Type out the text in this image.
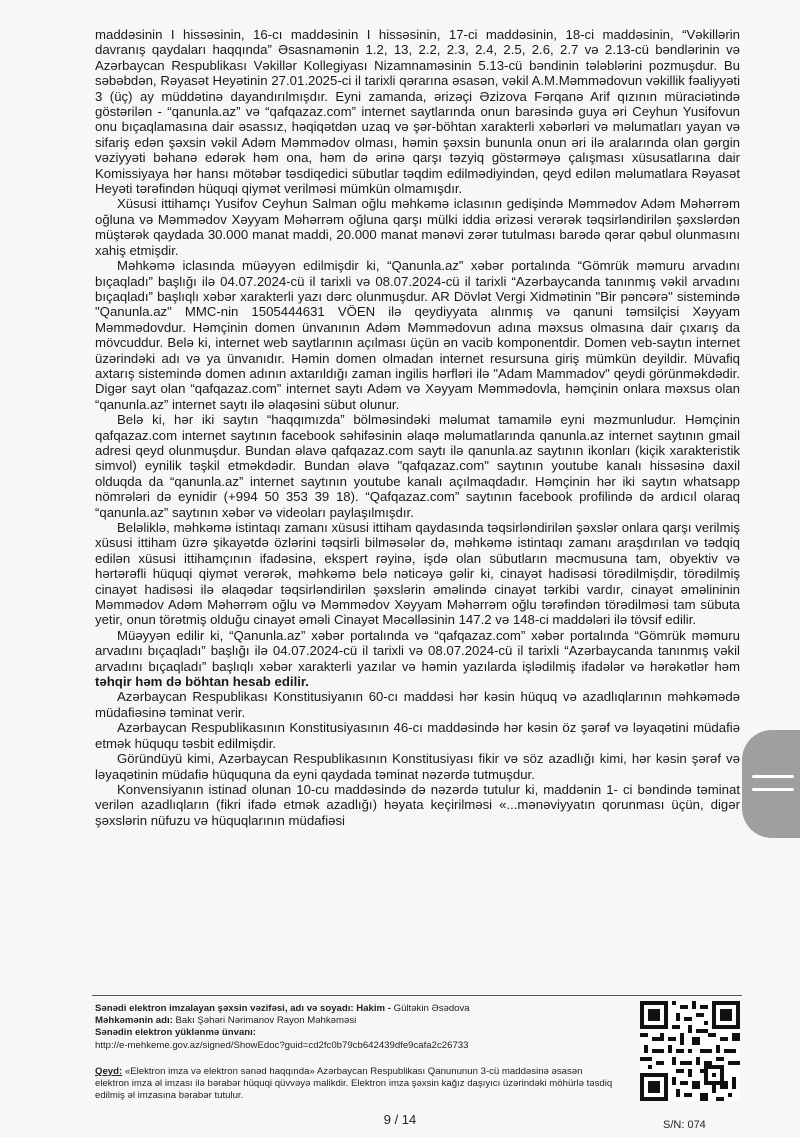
maddəsinin I hissəsinin, 16-cı maddəsinin I hissəsinin, 17-ci maddəsinin, 18-ci maddəsinin, “Vəkillərin davranış qaydaları haqqında” Əsasnamənin 1.2, 13, 2.2, 2.3, 2.4, 2.5, 2.6, 2.7 və 2.13-cü bəndlərinin və Azərbaycan Respublikası Vəkillər Kollegiyası Nizamnaməsinin 5.13-cü bəndinin tələblərini pozmuşdur. Bu səbəbdən, Rəyasət Heyətinin 27.01.2025-ci il tarixli qərarına əsasən, vəkil A.M.Məmmədovun vəkillik fəaliyyəti 3 (üç) ay müddətinə dayandırılmışdır. Eyni zamanda, ərizəçi Əzizova Fərqanə Arif qızının müraciətində göstərilən - “qanunla.az” və “qafqazaz.com” internet saytlarında onun barəsində guya əri Ceyhun Yusifovun onu bıçaqlamasına dair əsassız, həqiqətdən uzaq və şər-böhtan xarakterli xəbərləri və məlumatları yayan və sifariş edən şəxsin vəkil Adəm Məmmədov olması, həmin şəxsin bununla onun əri ilə aralarında olan gərgin vəziyyəti bəhanə edərək həm ona, həm də ərinə qarşı təzyiq göstərməyə çalışması xüsusatlarına dair Komissiyaya hər hansı mötəbər təsdiqedici sübutlar təqdim edilmədiyindən, qeyd edilən məlumatlara Rəyasət Heyəti tərəfindən hüquqi qiymət verilməsi mümkün olmamışdır.

Xüsusi ittihamçı Yusifov Ceyhun Salman oğlu məhkəmə iclasının gedişində Məmmədov Adəm Məhərrəm oğluna və Məmmədov Xəyyam Məhərrəm oğluna qarşı mülki iddia ərizəsi verərək təqsirləndirilən şəxslərdən müştərək qaydada 30.000 manat maddi, 20.000 manat mənəvi zərər tutulması barədə qərar qəbul olunmasını xahiş etmişdir.

Məhkəmə iclasında müəyyən edilmişdir ki, “Qanunla.az” xəbər portalında “Gömrük məmuru arvadını bıçaqladı” başlığı ilə 04.07.2024-cü il tarixli və 08.07.2024-cü il tarixli “Azərbaycanda tanınmış vəkil arvadını bıçaqladı” başlıqlı xəbər xarakterli yazı dərc olunmuşdur. AR Dövlət Vergi Xidmətinin "Bir pəncərə" sistemində "Qanunla.az" MMC-nin 1505444631 VÖEN ilə qeydiyyata alınmış və qanuni təmsilçisi Xəyyam Məmmədovdur. Həmçinin domen ünvanının Adəm Məmmədovun adına məxsus olmasına dair çıxarış da mövcuddur. Belə ki, internet web saytlarının açılması üçün ən vacib komponentdir. Domen veb-saytın internet üzərindəki adı və ya ünvanıdır. Həmin domen olmadan internet resursuna giriş mümkün deyildir. Müvafiq axtarış sistemində domen adının axtarıldığı zaman ingilis hərfləri ilə "Adam Mammadov" qeydi görünməkdədir. Digər sayt olan “qafqazaz.com” internet saytı Adəm və Xəyyam Məmmədovla, həmçinin onlara məxsus olan “qanunla.az” internet saytı ilə əlaqəsini sübut olunur.

Belə ki, hər iki saytın “haqqımızda” bölməsindəki məlumat tamamilə eyni məzmunludur. Həmçinin qafqazaz.com internet saytının facebook səhifəsinin əlaqə məlumatlarında qanunla.az internet saytının gmail adresi qeyd olunmuşdur. Bundan əlavə qafqazaz.com saytı ilə qanunla.az saytının ikonları (kiçik xarakteristik simvol) eynilik təşkil etməkdədir. Bundan əlavə "qafqazaz.com" saytının youtube kanalı hissəsinə daxil olduqda da “qanunla.az” internet saytının youtube kanalı açılmaqdadır. Həmçinin hər iki saytın whatsapp nömrələri də eynidir (+994 50 353 39 18). “Qafqazaz.com” saytının facebook profilində də ardıcıl olaraq “qanunla.az” saytının xəbər və videoları paylaşılmışdır.

Beləliklə, məhkəmə istintaqı zamanı xüsusi ittiham qaydasında təqsirləndirilən şəxslər onlara qarşı verilmiş xüsusi ittiham üzrə şikayətdə özlərini təqsirli bilməsələr də, məhkəmə istintaqı zamanı araşdırılan və tədqiq edilən xüsusi ittihamçının ifadəsinə, ekspert rəyinə, işdə olan sübutların məcmusuna tam, obyektiv və hərtərəfli hüquqi qiymət verərək, məhkəmə belə nəticəyə gəlir ki, cinayət hadisəsi törədilmişdir, törədilmiş cinayət hadisəsi ilə əlaqədar təqsirləndirilən şəxslərin əməlində cinayət tərkibi vardır, cinayət əməlininin Məmmədov Adəm Məhərrəm oğlu və Məmmədov Xəyyam Məhərrəm oğlu tərəfindən törədilməsi tam sübuta yetir, onun törətmiş olduğu cinayət əməli Cinayət Məcəlləsinin 147.2 və 148-ci maddələri ilə tövsif edilir.

Müəyyən edilir ki, “Qanunla.az” xəbər portalında və “qafqazaz.com” xəbər portalında “Gömrük məmuru arvadını bıçaqladı” başlığı ilə 04.07.2024-cü il tarixli və 08.07.2024-cü il tarixli “Azərbaycanda tanınmış vəkil arvadını bıçaqladı” başlıqlı xəbər xarakterli yazılar və həmin yazılarda işlədilmiş ifadələr və hərəkətlər həm təhqir həm də böhtan hesab edilir.

Azərbaycan Respublikası Konstitusiyanın 60-cı maddəsi hər kəsin hüquq və azadlıqlarının məhkəmədə müdafiəsinə təminat verir.

Azərbaycan Respublikasının Konstitusiyasının 46-cı maddəsində hər kəsin öz şərəf və ləyaqətini müdafiə etmək hüququ təsbit edilmişdir.

Göründüyü kimi, Azərbaycan Respublikasının Konstitusiyası fikir və söz azadlığı kimi, hər kəsin şərəf və ləyaqətinin müdafiə hüququna da eyni qaydada təminat nəzərdə tutmuşdur.

Konvensiyanın istinad olunan 10-cu maddəsində də nəzərdə tutulur ki, maddənin 1- ci bəndində təminat verilən azadlıqların (fikri ifadə etmək azadlığı) həyata keçirilməsi «...mənəviyyatın qorunması üçün, digər şəxslərin nüfuzu və hüquqlarının müdafiəsi

Sənədi elektron imzalayan şəxsin vəzifəsi, adı və soyadı: Hakim - Gültəkin Əsədova
Məhkəmənin adı: Bakı Şəhəri Nərimanov Rayon Məhkəməsi
Sənədin elektron yüklənmə ünvanı:
http://e-mehkeme.gov.az/signed/ShowEdoc?guid=cd2fc0b79cb642439dfe9cafa2c26733
Qeyd: «Elektron imza və elektron sənəd haqqında» Azərbaycan Respublikası Qanununun 3-cü maddəsinə əsasən elektron imza əl imzası ilə bərabər hüquqi qüvvəyə malikdir. Elektron imza şəxsin kağız daşıyıcı üzərindəki möhürlə təsdiq edilmiş əl imzasına bərabər tutulur.
S/N: 074
9 / 14
